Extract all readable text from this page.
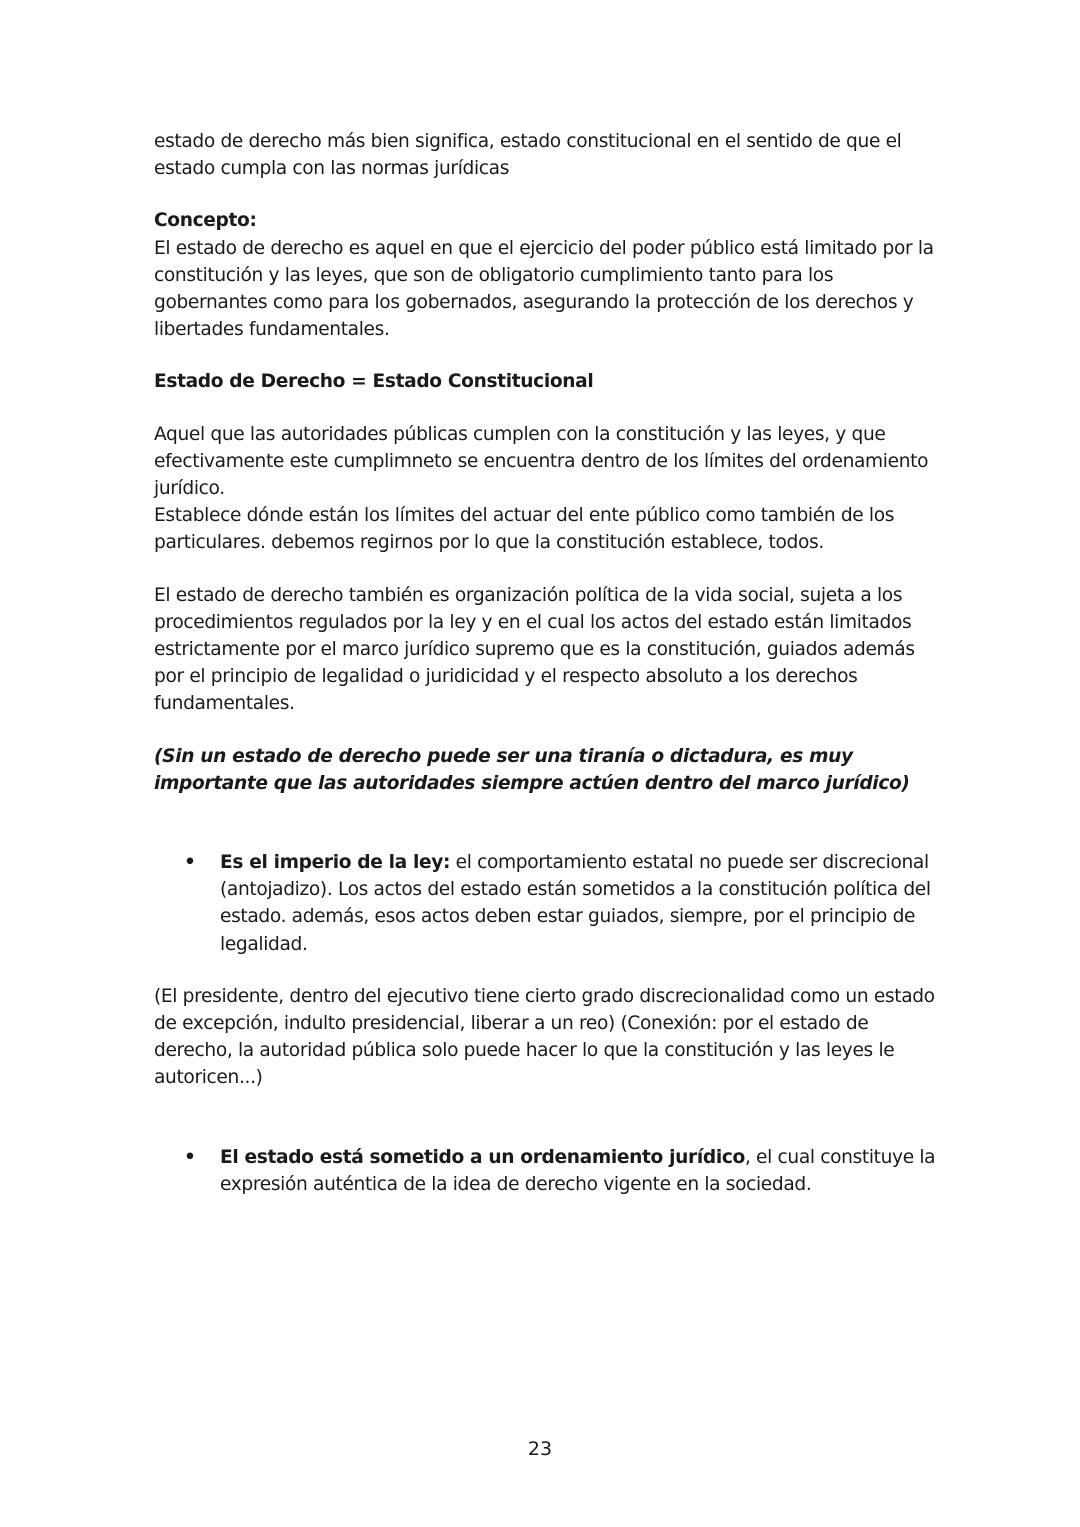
estado de derecho más bien significa, estado constitucional en el sentido de que el estado cumpla con las normas jurídicas

Concepto:

El estado de derecho es aquel en que el ejercicio del poder público está limitado por la constitución y las leyes, que son de obligatorio cumplimiento tanto para los gobernantes como para los gobernados, asegurando la protección de los derechos y libertades fundamentales.

Estado de Derecho = Estado Constitucional

Aquel que las autoridades públicas cumplen con la constitución y las leyes, y que efectivamente este cumplimneto se encuentra dentro de los límites del ordenamiento jurídico.

Establece dónde están los límites del actuar del ente público como también de los particulares. debemos regirnos por lo que la constitución establece, todos.

El estado de derecho también es organización política de la vida social, sujeta a los procedimientos regulados por la ley y en el cual los actos del estado están limitados estrictamente por el marco jurídico supremo que es la constitución, guiados además por el principio de legalidad o juridicidad y el respecto absoluto a los derechos fundamentales.

(Sin un estado de derecho puede ser una tiranía o dictadura, es muy importante que las autoridades siempre actúen dentro del marco jurídico)

• Es el imperio de la ley: el comportamiento estatal no puede ser discrecional (antojadizo). Los actos del estado están sometidos a la constitución política del estado. además, esos actos deben estar guiados, siempre, por el principio de legalidad.

(El presidente, dentro del ejecutivo tiene cierto grado discrecionalidad como un estado de excepción, indulto presidencial, liberar a un reo) (Conexión: por el estado de derecho, la autoridad pública solo puede hacer lo que la constitución y las leyes le autoricen...)

• El estado está sometido a un ordenamiento jurídico, el cual constituye la expresión auténtica de la idea de derecho vigente en la sociedad.

23
